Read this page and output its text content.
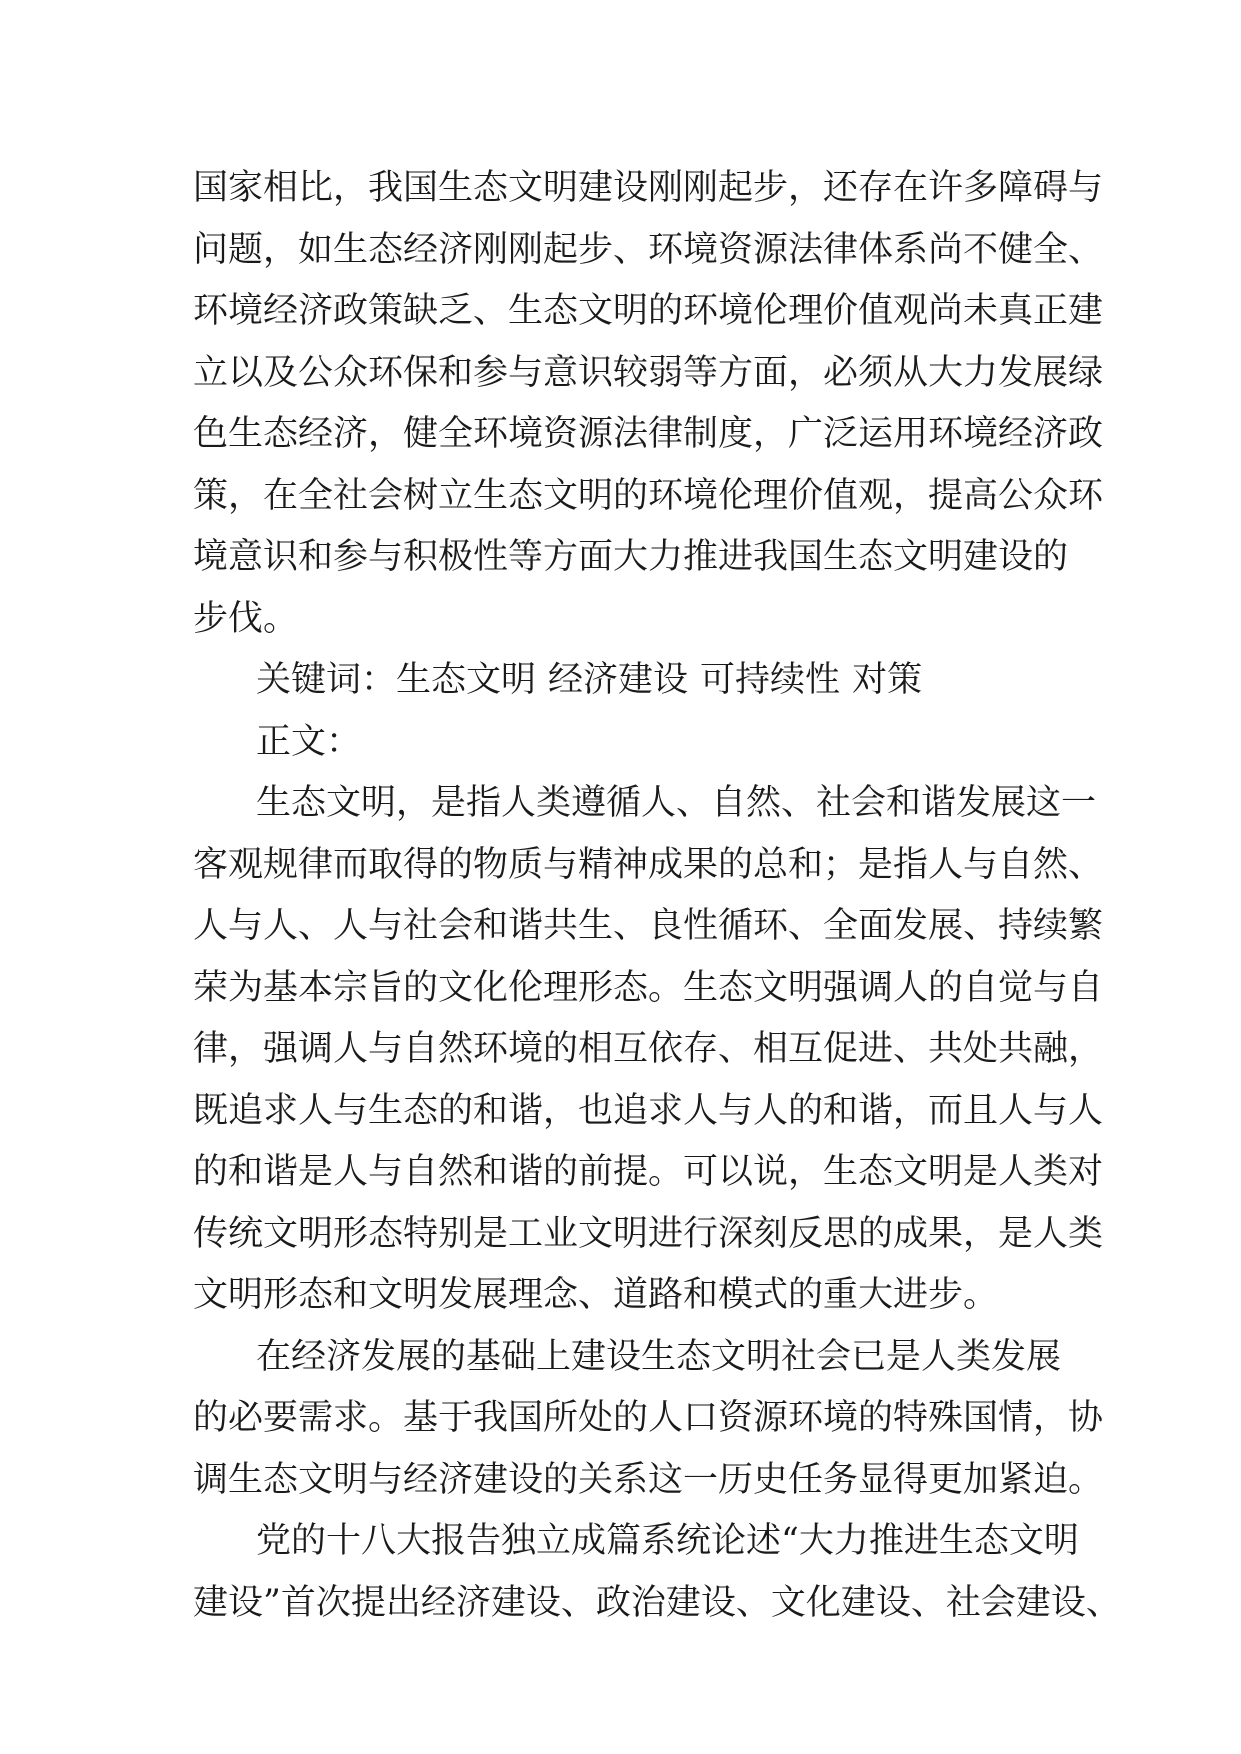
国家相比，我国生态文明建设刚刚起步，还存在许多障碍与
问题，如生态经济刚刚起步、环境资源法律体系尚不健全、
环境经济政策缺乏、生态文明的环境伦理价值观尚未真正建
立以及公众环保和参与意识较弱等方面，必须从大力发展绿
色生态经济，健全环境资源法律制度，广泛运用环境经济政
策，在全社会树立生态文明的环境伦理价值观，提高公众环
境意识和参与积极性等方面大力推进我国生态文明建设的
步伐。
关键词：生态文明 经济建设 可持续性 对策
正文：
生态文明，是指人类遵循人、自然、社会和谐发展这一
客观规律而取得的物质与精神成果的总和；是指人与自然、
人与人、人与社会和谐共生、良性循环、全面发展、持续繁
荣为基本宗旨的文化伦理形态。生态文明强调人的自觉与自
律，强调人与自然环境的相互依存、相互促进、共处共融，
既追求人与生态的和谐，也追求人与人的和谐，而且人与人
的和谐是人与自然和谐的前提。可以说，生态文明是人类对
传统文明形态特别是工业文明进行深刻反思的成果，是人类
文明形态和文明发展理念、道路和模式的重大进步。
在经济发展的基础上建设生态文明社会已是人类发展
的必要需求。基于我国所处的人口资源环境的特殊国情，协
调生态文明与经济建设的关系这一历史任务显得更加紧迫。
党的十八大报告独立成篇系统论述“大力推进生态文明
建设”首次提出经济建设、政治建设、文化建设、社会建设、
